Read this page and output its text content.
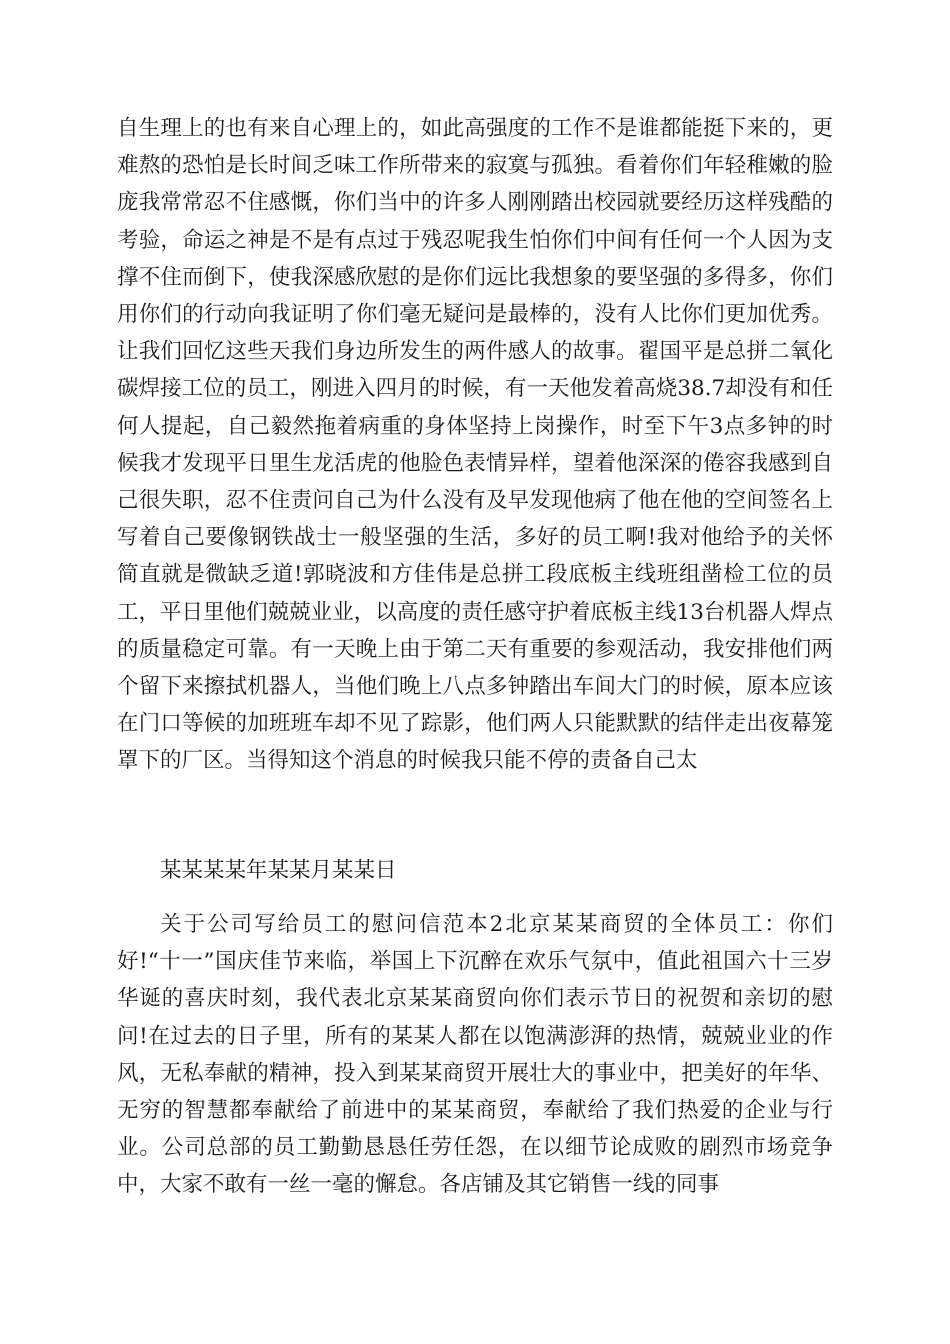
自生理上的也有来自心理上的，如此高强度的工作不是谁都能挺下来的，更难熬的恐怕是长时间乏味工作所带来的寂寞与孤独。看着你们年轻稚嫩的脸庞我常常忍不住感慨，你们当中的许多人刚刚踏出校园就要经历这样残酷的考验，命运之神是不是有点过于残忍呢我生怕你们中间有任何一个人因为支撑不住而倒下，使我深感欣慰的是你们远比我想象的要坚强的多得多，你们用你们的行动向我证明了你们毫无疑问是最棒的，没有人比你们更加优秀。让我们回忆这些天我们身边所发生的两件感人的故事。翟国平是总拼二氧化碳焊接工位的员工，刚进入四月的时候，有一天他发着高烧38.7却没有和任何人提起，自己毅然拖着病重的身体坚持上岗操作，时至下午3点多钟的时候我才发现平日里生龙活虎的他脸色表情异样，望着他深深的倦容我感到自己很失职，忍不住责问自己为什么没有及早发现他病了他在他的空间签名上写着自己要像钢铁战士一般坚强的生活，多好的员工啊!我对他给予的关怀简直就是微缺乏道!郭晓波和方佳伟是总拼工段底板主线班组凿检工位的员工，平日里他们兢兢业业，以高度的责任感守护着底板主线13台机器人焊点的质量稳定可靠。有一天晚上由于第二天有重要的参观活动，我安排他们两个留下来擦拭机器人，当他们晚上八点多钟踏出车间大门的时候，原本应该在门口等候的加班班车却不见了踪影，他们两人只能默默的结伴走出夜幕笼罩下的厂区。当得知这个消息的时候我只能不停的责备自己太

某某某某年某某月某某日

关于公司写给员工的慰问信范本2北京某某商贸的全体员工：你们好!“十一”国庆佳节来临，举国上下沉醉在欢乐气氛中，值此祖国六十三岁华诞的喜庆时刻，我代表北京某某商贸向你们表示节日的祝贺和亲切的慰问!在过去的日子里，所有的某某人都在以饱满澎湃的热情，兢兢业业的作风，无私奉献的精神，投入到某某商贸开展壮大的事业中，把美好的年华、无穷的智慧都奉献给了前进中的某某商贸，奉献给了我们热爱的企业与行业。公司总部的员工勤勤恳恳任劳任怨，在以细节论成败的剧烈市场竞争中，大家不敢有一丝一毫的懈怠。各店铺及其它销售一线的同事
